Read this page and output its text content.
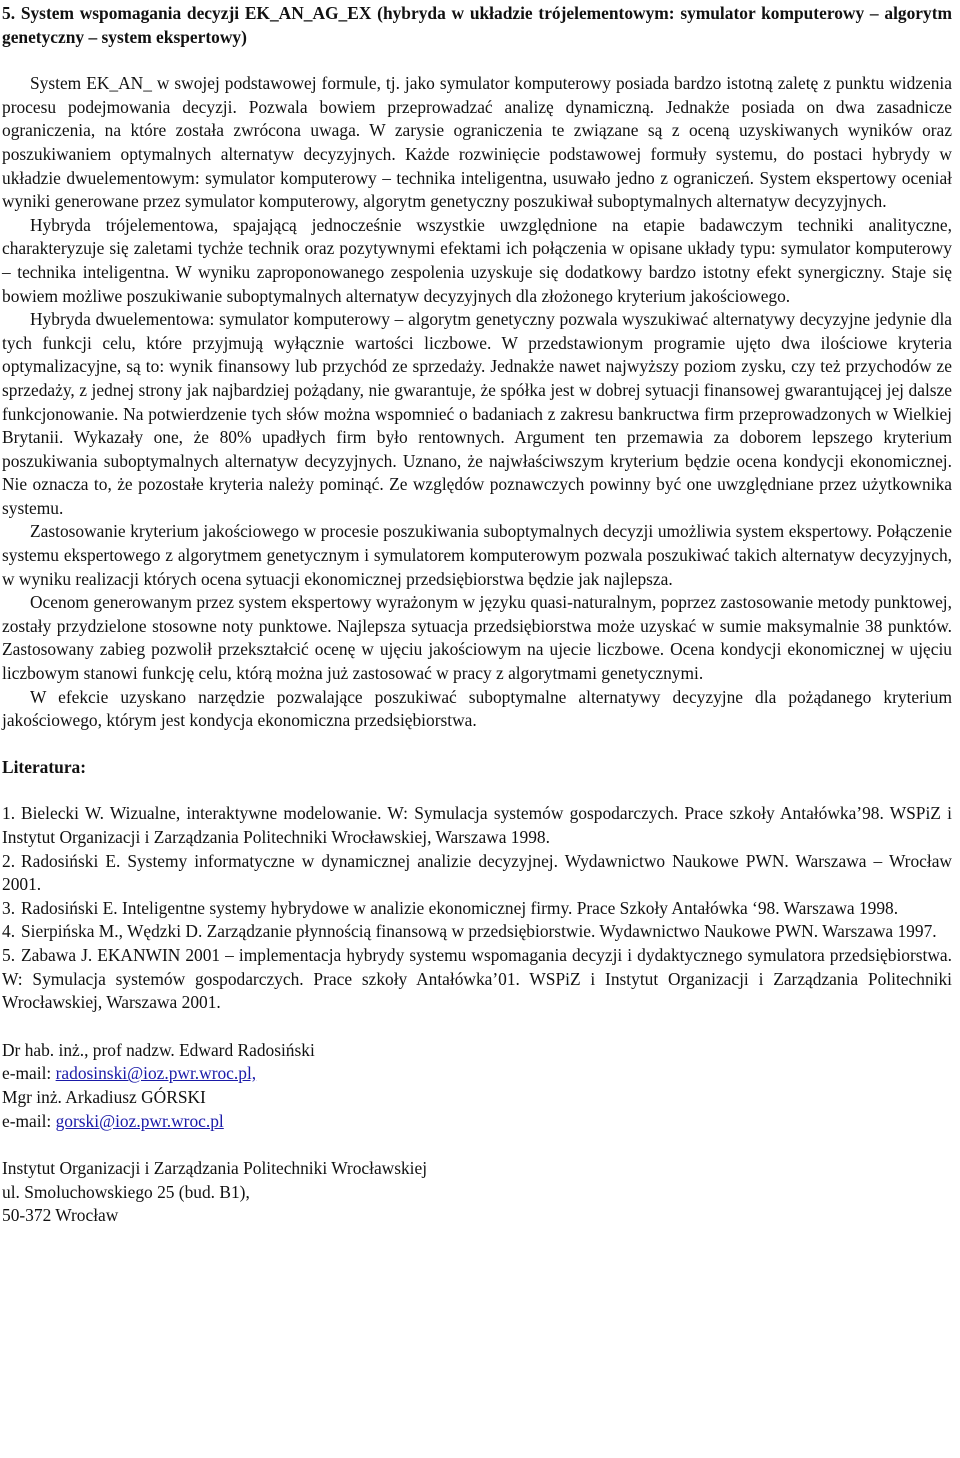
5. System wspomagania decyzji EK_AN_AG_EX (hybryda w układzie trójelementowym: symulator komputerowy – algorytm genetyczny – system ekspertowy)

System EK_AN_ w swojej podstawowej formule, tj. jako symulator komputerowy posiada bardzo istotną zaletę z punktu widzenia procesu podejmowania decyzji. Pozwala bowiem przeprowadzać analizę dynamiczną. Jednakże posiada on dwa zasadnicze ograniczenia, na które została zwrócona uwaga. W zarysie ograniczenia te związane są z oceną uzyskiwanych wyników oraz poszukiwaniem optymalnych alternatyw decyzyjnych. Każde rozwinięcie podstawowej formuły systemu, do postaci hybrydy w układzie dwuelementowym: symulator komputerowy – technika inteligentna, usuwało jedno z ograniczeń. System ekspertowy oceniał wyniki generowane przez symulator komputerowy, algorytm genetyczny poszukiwał suboptymalnych alternatyw decyzyjnych.

Hybryda trójelementowa, spajającą jednocześnie wszystkie uwzględnione na etapie badawczym techniki analityczne, charakteryzuje się zaletami tychże technik oraz pozytywnymi efektami ich połączenia w opisane układy typu: symulator komputerowy – technika inteligentna. W wyniku zaproponowanego zespolenia uzyskuje się dodatkowy bardzo istotny efekt synergiczny. Staje się bowiem możliwe poszukiwanie suboptymalnych alternatyw decyzyjnych dla złożonego kryterium jakościowego.

Hybryda dwuelementowa: symulator komputerowy – algorytm genetyczny pozwala wyszukiwać alternatywy decyzyjne jedynie dla tych funkcji celu, które przyjmują wyłącznie wartości liczbowe. W przedstawionym programie ujęto dwa ilościowe kryteria optymalizacyjne, są to: wynik finansowy lub przychód ze sprzedaży. Jednakże nawet najwyższy poziom zysku, czy też przychodów ze sprzedaży, z jednej strony jak najbardziej pożądany, nie gwarantuje, że spółka jest w dobrej sytuacji finansowej gwarantującej jej dalsze funkcjonowanie. Na potwierdzenie tych słów można wspomnieć o badaniach z zakresu bankructwa firm przeprowadzonych w Wielkiej Brytanii. Wykazały one, że 80% upadłych firm było rentownych. Argument ten przemawia za doborem lepszego kryterium poszukiwania suboptymalnych alternatyw decyzyjnych. Uznano, że najwłaściwszym kryterium będzie ocena kondycji ekonomicznej. Nie oznacza to, że pozostałe kryteria należy pominąć. Ze względów poznawczych powinny być one uwzględniane przez użytkownika systemu.

Zastosowanie kryterium jakościowego w procesie poszukiwania suboptymalnych decyzji umożliwia system ekspertowy. Połączenie systemu ekspertowego z algorytmem genetycznym i symulatorem komputerowym pozwala poszukiwać takich alternatyw decyzyjnych, w wyniku realizacji których ocena sytuacji ekonomicznej przedsiębiorstwa będzie jak najlepsza.

Ocenom generowanym przez system ekspertowy wyrażonym w języku quasi-naturalnym, poprzez zastosowanie metody punktowej, zostały przydzielone stosowne noty punktowe. Najlepsza sytuacja przedsiębiorstwa może uzyskać w sumie maksymalnie 38 punktów. Zastosowany zabieg pozwolił przekształcić ocenę w ujęciu jakościowym na ujecie liczbowe. Ocena kondycji ekonomicznej w ujęciu liczbowym stanowi funkcję celu, którą można już zastosować w pracy z algorytmami genetycznymi.

W efekcie uzyskano narzędzie pozwalające poszukiwać suboptymalne alternatywy decyzyjne dla pożądanego kryterium jakościowego, którym jest kondycja ekonomiczna przedsiębiorstwa.

Literatura:
1. Bielecki W. Wizualne, interaktywne modelowanie. W: Symulacja systemów gospodarczych. Prace szkoły Antałówka’98. WSPiZ i Instytut Organizacji i Zarządzania Politechniki Wrocławskiej, Warszawa 1998.
2. Radosiński E. Systemy informatyczne w dynamicznej analizie decyzyjnej. Wydawnictwo Naukowe PWN. Warszawa – Wrocław 2001.
3. Radosiński E. Inteligentne systemy hybrydowe w analizie ekonomicznej firmy. Prace Szkoły Antałówka ‘98. Warszawa 1998.
4. Sierpińska M., Wędzki D. Zarządzanie płynnością finansową w przedsiębiorstwie. Wydawnictwo Naukowe PWN. Warszawa 1997.
5. Zabawa J. EKANWIN 2001 – implementacja hybrydy systemu wspomagania decyzji i dydaktycznego symulatora przedsiębiorstwa. W: Symulacja systemów gospodarczych. Prace szkoły Antałówka’01. WSPiZ i Instytut Organizacji i Zarządzania Politechniki Wrocławskiej, Warszawa 2001.
Dr hab. inż., prof nadzw. Edward Radosiński
e-mail: radosinski@ioz.pwr.wroc.pl,
Mgr inż. Arkadiusz GÓRSKI
e-mail: gorski@ioz.pwr.wroc.pl
Instytut Organizacji i Zarządzania Politechniki Wrocławskiej
ul. Smoluchowskiego 25 (bud. B1),
50-372 Wrocław
